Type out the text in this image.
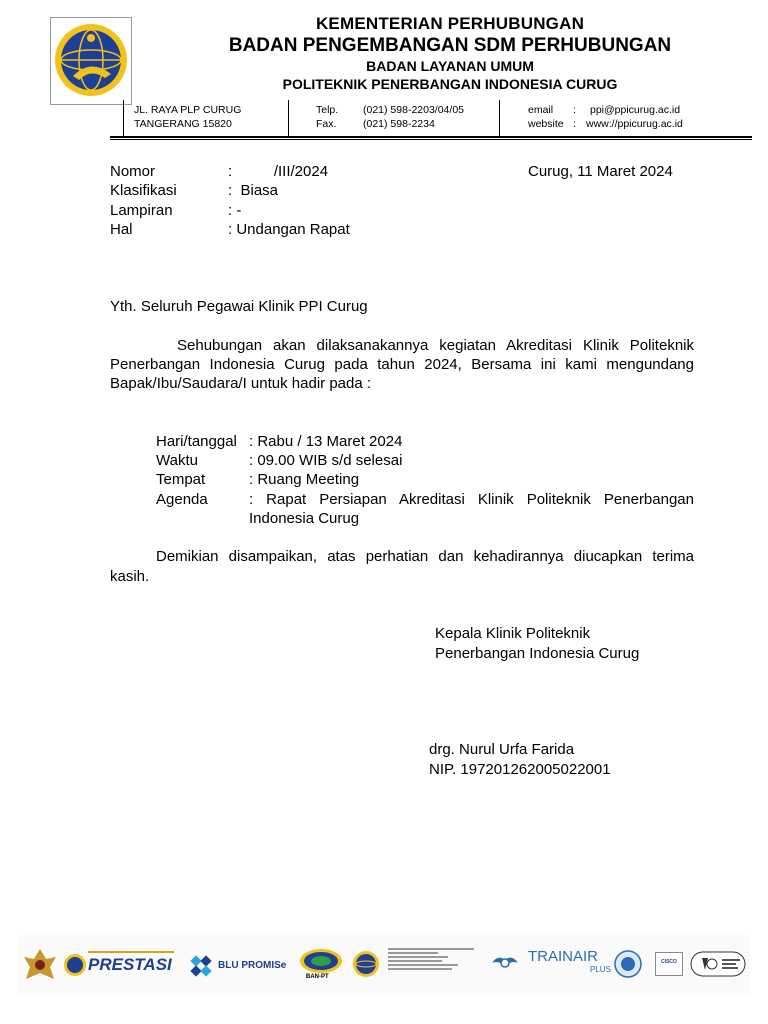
KEMENTERIAN PERHUBUNGAN
BADAN PENGEMBANGAN SDM PERHUBUNGAN
BADAN LAYANAN UMUM
POLITEKNIK PENERBANGAN INDONESIA CURUG
JL. RAYA PLP CURUG
TANGERANG 15820
Telp. (021) 598-2203/04/05
Fax.	(021) 598-2234
email : ppi@ppicurug.ac.id
website : www://ppicurug.ac.id
Nomor	:          /III/2024	Curug, 11 Maret 2024
Klasifikasi	:  Biasa
Lampiran	: -
Hal	: Undangan Rapat
Yth. Seluruh Pegawai Klinik PPI Curug
Sehubungan akan dilaksanakannya kegiatan Akreditasi Klinik Politeknik
Penerbangan Indonesia Curug pada tahun 2024, Bersama ini kami mengundang
Bapak/Ibu/Saudara/I untuk hadir pada :
Hari/tanggal : Rabu / 13 Maret 2024
Waktu	: 09.00 WIB s/d selesai
Tempat	: Ruang Meeting
Agenda	: Rapat Persiapan Akreditasi Klinik Politeknik Penerbangan
Indonesia Curug
Demikian disampaikan, atas perhatian dan kehadirannya diucapkan terima
kasih.
Kepala Klinik Politeknik
Penerbangan Indonesia Curug
drg. Nurul Urfa Farida
NIP. 197201262005022001
PRESTASI	BLU PROMISe
BAN-PT
TRAINAIR
PLUS
CISCO
